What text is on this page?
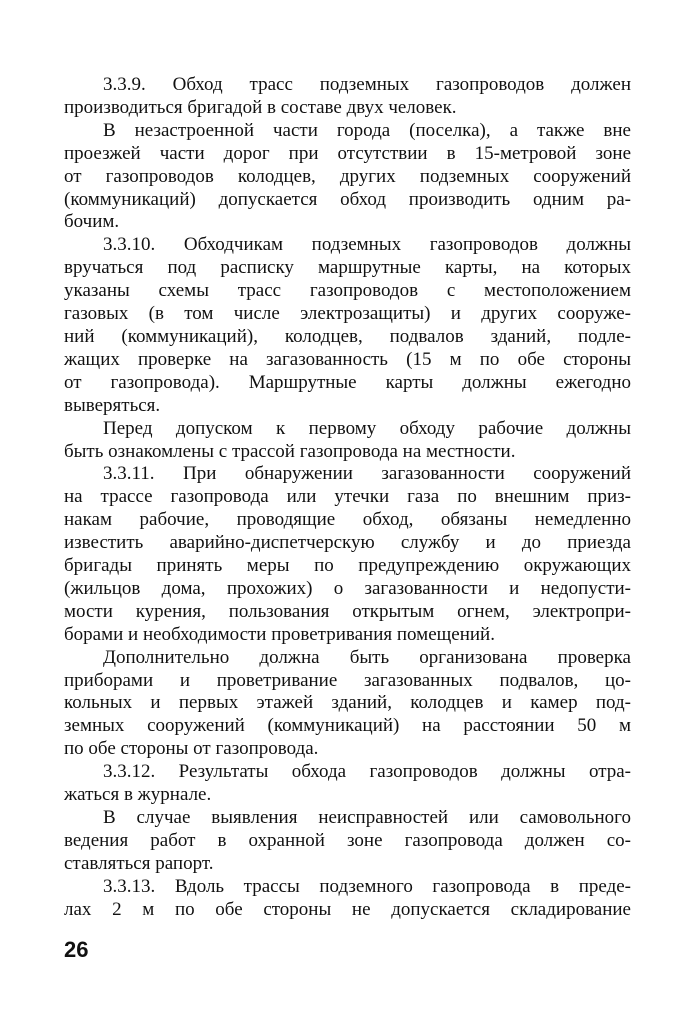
3.3.9. Обход трасс подземных газопроводов должен

производиться бригадой в составе двух человек.

В незастроенной части города (поселка), а также вне

проезжей части дорог при отсутствии в 15-метровой зоне

от газопроводов колодцев, других подземных сооружений

(коммуникаций) допускается обход производить одним ра-

бочим.

3.3.10. Обходчикам подземных газопроводов должны

вручаться под расписку маршрутные карты, на которых

указаны схемы трасс газопроводов с местоположением

газовых (в том числе электрозащиты) и других сооруже-

ний (коммуникаций), колодцев, подвалов зданий, подле-

жащих проверке на загазованность (15 м по обе стороны

от газопровода). Маршрутные карты должны ежегодно

выверяться.

Перед допуском к первому обходу рабочие должны

быть ознакомлены с трассой газопровода на местности.

3.3.11. При обнаружении загазованности сооружений

на трассе газопровода или утечки газа по внешним приз-

накам рабочие, проводящие обход, обязаны немедленно

известить аварийно-диспетчерскую службу и до приезда

бригады принять меры по предупреждению окружающих

(жильцов дома, прохожих) о загазованности и недопусти-

мости курения, пользования открытым огнем, электропри-

борами и необходимости проветривания помещений.

Дополнительно должна быть организована проверка

приборами и проветривание загазованных подвалов, цо-

кольных и первых этажей зданий, колодцев и камер под-

земных сооружений (коммуникаций) на расстоянии 50 м

по обе стороны от газопровода.

3.3.12. Результаты обхода газопроводов должны отра-

жаться в журнале.

В случае выявления неисправностей или самовольного

ведения работ в охранной зоне газопровода должен со-

ставляться рапорт.

3.3.13. Вдоль трассы подземного газопровода в преде-

лах 2 м по обе стороны не допускается складирование

26
